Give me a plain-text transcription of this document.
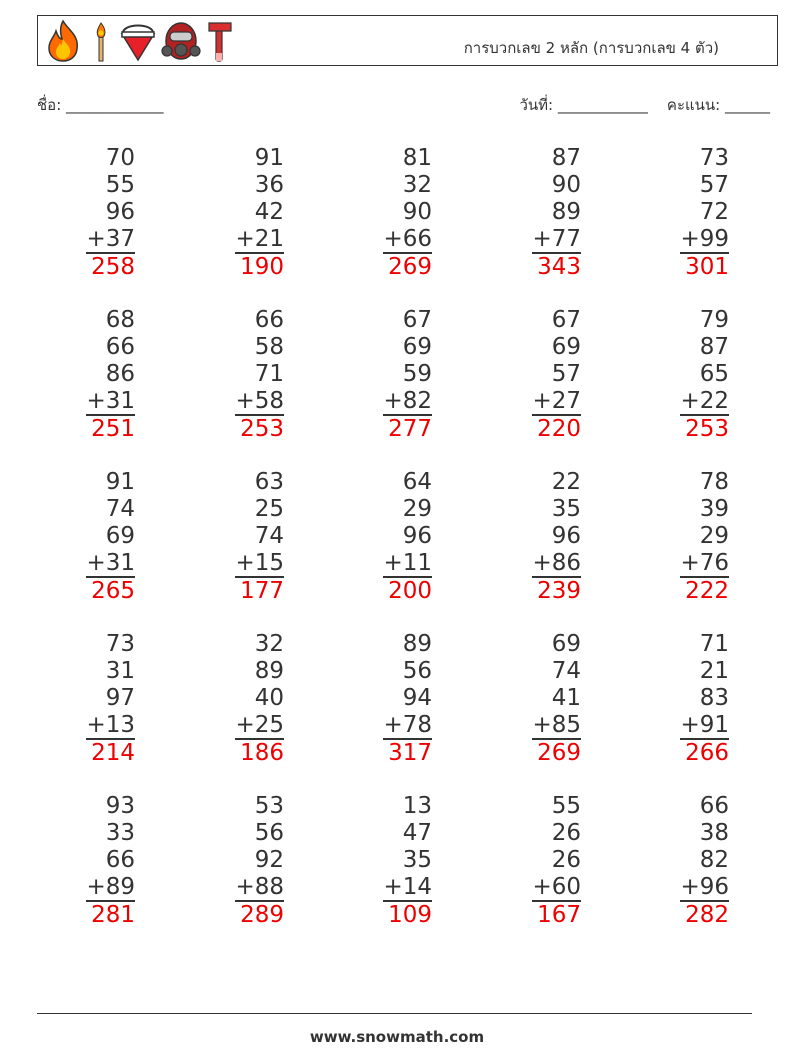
การบวกเลข 2 หลัก (การบวกเลข 4 ตัว)
ชื่อ: _____________	วันที่: ____________ คะแนน: ______
70
55
96
+37
258
91
36
42
+21
190
81
32
90
+66
269
87
90
89
+77
343
73
57
72
+99
301
68
66
86
+31
251
66
58
71
+58
253
67
69
59
+82
277
67
69
57
+27
220
79
87
65
+22
253
91
74
69
+31
265
63
25
74
+15
177
64
29
96
+11
200
22
35
96
+86
239
78
39
29
+76
222
73
31
97
+13
214
32
89
40
+25
186
89
56
94
+78
317
69
74
41
+85
269
71
21
83
+91
266
93
33
66
+89
281
53
56
92
+88
289
13
47
35
+14
109
55
26
26
+60
167
66
38
82
+96
282
www.snowmath.com
